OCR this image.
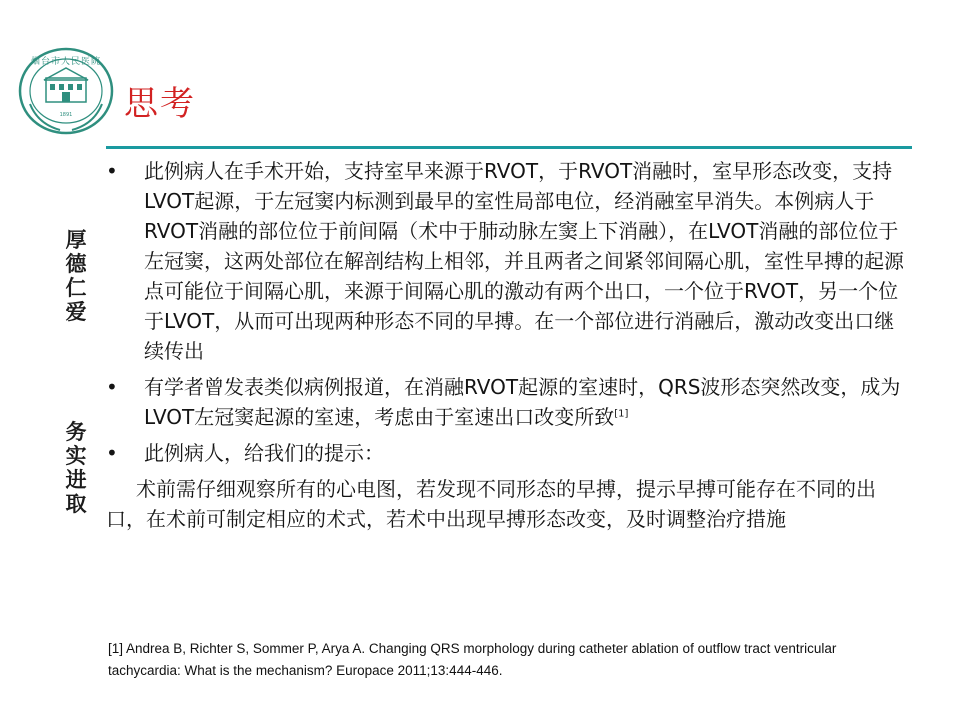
1891
烟台市人民医院
思考
厚
德
仁
爱
务
实
进
取

• 此例病人在手术开始，支持室早来源于RVOT，于RVOT消融时，室早形态改变，支持LVOT起源，于左冠窦内标测到最早的室性局部电位，经消融室早消失。本例病人于RVOT消融的部位位于前间隔（术中于肺动脉左窦上下消融），在LVOT消融的部位位于左冠窦，这两处部位在解剖结构上相邻，并且两者之间紧邻间隔心肌，室性早搏的起源点可能位于间隔心肌，来源于间隔心肌的激动有两个出口，一个位于RVOT，另一个位于LVOT，从而可出现两种形态不同的早搏。在一个部位进行消融后，激动改变出口继续传出

• 有学者曾发表类似病例报道，在消融RVOT起源的室速时，QRS波形态突然改变，成为LVOT左冠窦起源的室速，考虑由于室速出口改变所致[1]

• 此例病人，给我们的提示：

术前需仔细观察所有的心电图，若发现不同形态的早搏，提示早搏可能存在不同的出口，在术前可制定相应的术式，若术中出现早搏形态改变，及时调整治疗措施
[1] Andrea B, Richter S, Sommer P, Arya A. Changing QRS morphology during catheter ablation of outflow tract ventricular tachycardia: What is the mechanism? Europace 2011;13:444-446.
